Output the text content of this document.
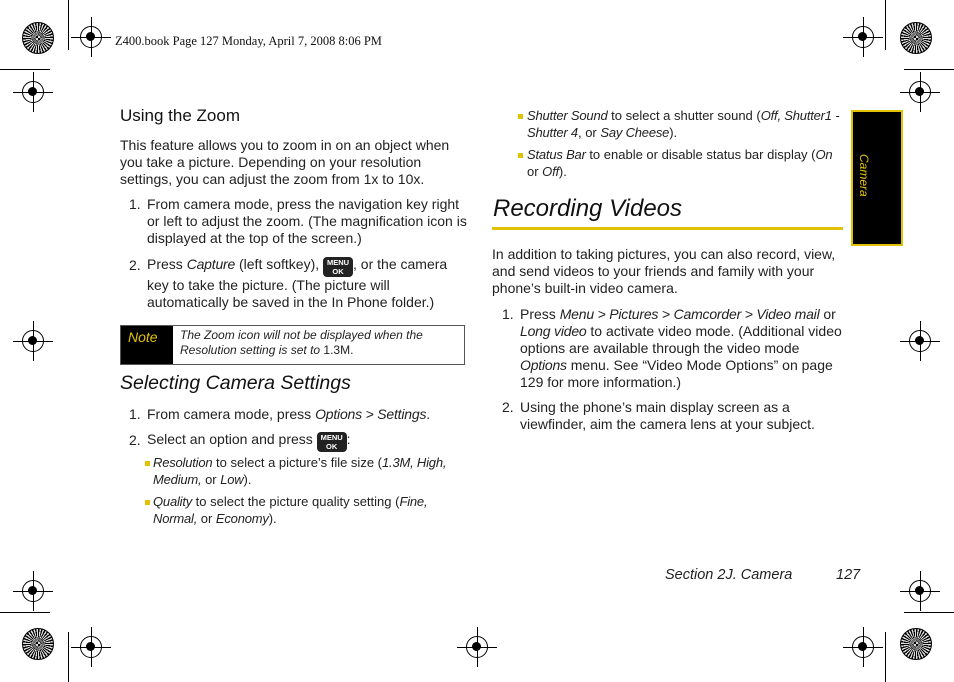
Z400.book Page 127 Monday, April 7, 2008 8:06 PM
Camera
Using the Zoom
This feature allows you to zoom in on an object when you take a picture. Depending on your resolution settings, you can adjust the zoom from 1x to 10x.
1. From camera mode, press the navigation key right or left to adjust the zoom. (The magnification icon is displayed at the top of the screen.)
2. Press Capture (left softkey), MENU
OK , or the camera key to take the picture. (The picture will automatically be saved in the In Phone folder.)
Note	The Zoom icon will not be displayed when the Resolution setting is set to 1.3M.
Selecting Camera Settings
1. From camera mode, press Options > Settings.
2. Select an option and press MENU
OK :
Resolution to select a picture’s file size (1.3M, High, Medium, or Low).
Quality to select the picture quality setting (Fine, Normal, or Economy).
Shutter Sound to select a shutter sound (Off, Shutter1 - Shutter 4, or Say Cheese).
Status Bar to enable or disable status bar display (On or Off).
Recording Videos
In addition to taking pictures, you can also record, view, and send videos to your friends and family with your phone’s built-in video camera.
1. Press Menu > Pictures > Camcorder > Video mail or Long video to activate video mode. (Additional video options are available through the video mode Options menu. See “Video Mode Options” on page 129 for more information.)
2. Using the phone’s main display screen as a viewfinder, aim the camera lens at your subject.
Section 2J. Camera	127
